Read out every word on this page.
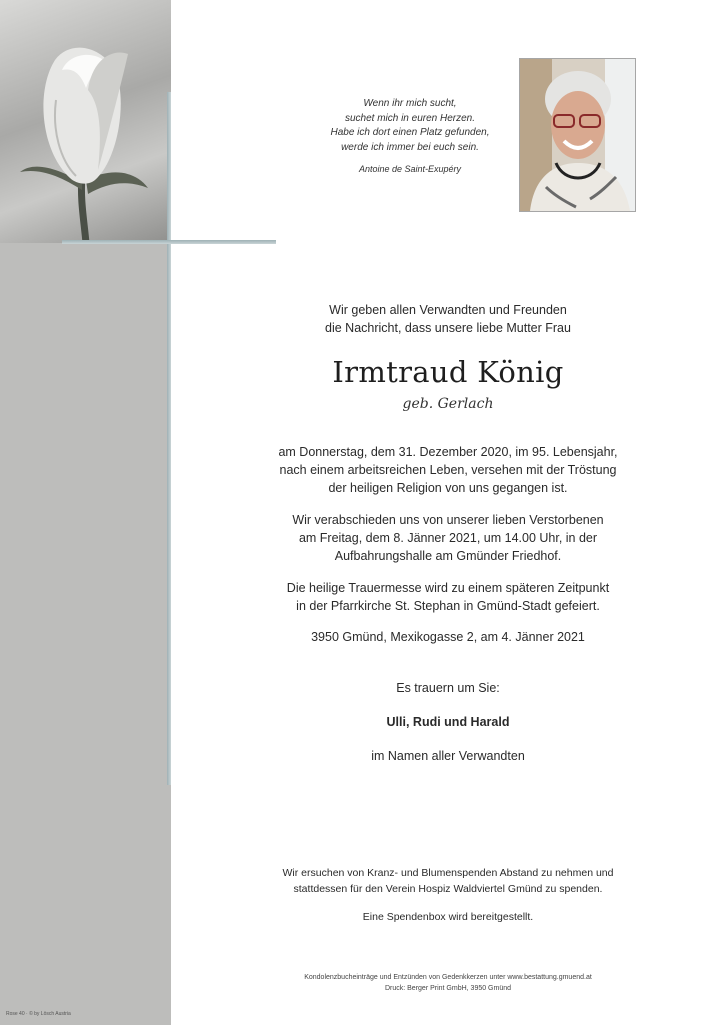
Wenn ihr mich sucht,
suchet mich in euren Herzen.
Habe ich dort einen Platz gefunden,
werde ich immer bei euch sein.
Antoine de Saint-Exupéry
Wir geben allen Verwandten und Freunden
die Nachricht, dass unsere liebe Mutter Frau
Irmtraud König
geb. Gerlach
am Donnerstag, dem 31. Dezember 2020, im 95. Lebensjahr,
nach einem arbeitsreichen Leben, versehen mit der Tröstung
der heiligen Religion von uns gegangen ist.
Wir verabschieden uns von unserer lieben Verstorbenen
am Freitag, dem 8. Jänner 2021, um 14.00 Uhr, in der
Aufbahrungshalle am Gmünder Friedhof.
Die heilige Trauermesse wird zu einem späteren Zeitpunkt
in der Pfarrkirche St. Stephan in Gmünd-Stadt gefeiert.
3950 Gmünd, Mexikogasse 2, am 4. Jänner 2021
Es trauern um Sie:
Ulli, Rudi und Harald
im Namen aller Verwandten
Wir ersuchen von Kranz- und Blumenspenden Abstand zu nehmen und
stattdessen für den Verein Hospiz Waldviertel Gmünd zu spenden.
Eine Spendenbox wird bereitgestellt.
Kondolenzbucheinträge und Entzünden von Gedenkkerzen unter www.bestattung.gmuend.at
Druck: Berger Print GmbH, 3950 Gmünd
Rose 40 · © by Lösch Austria
